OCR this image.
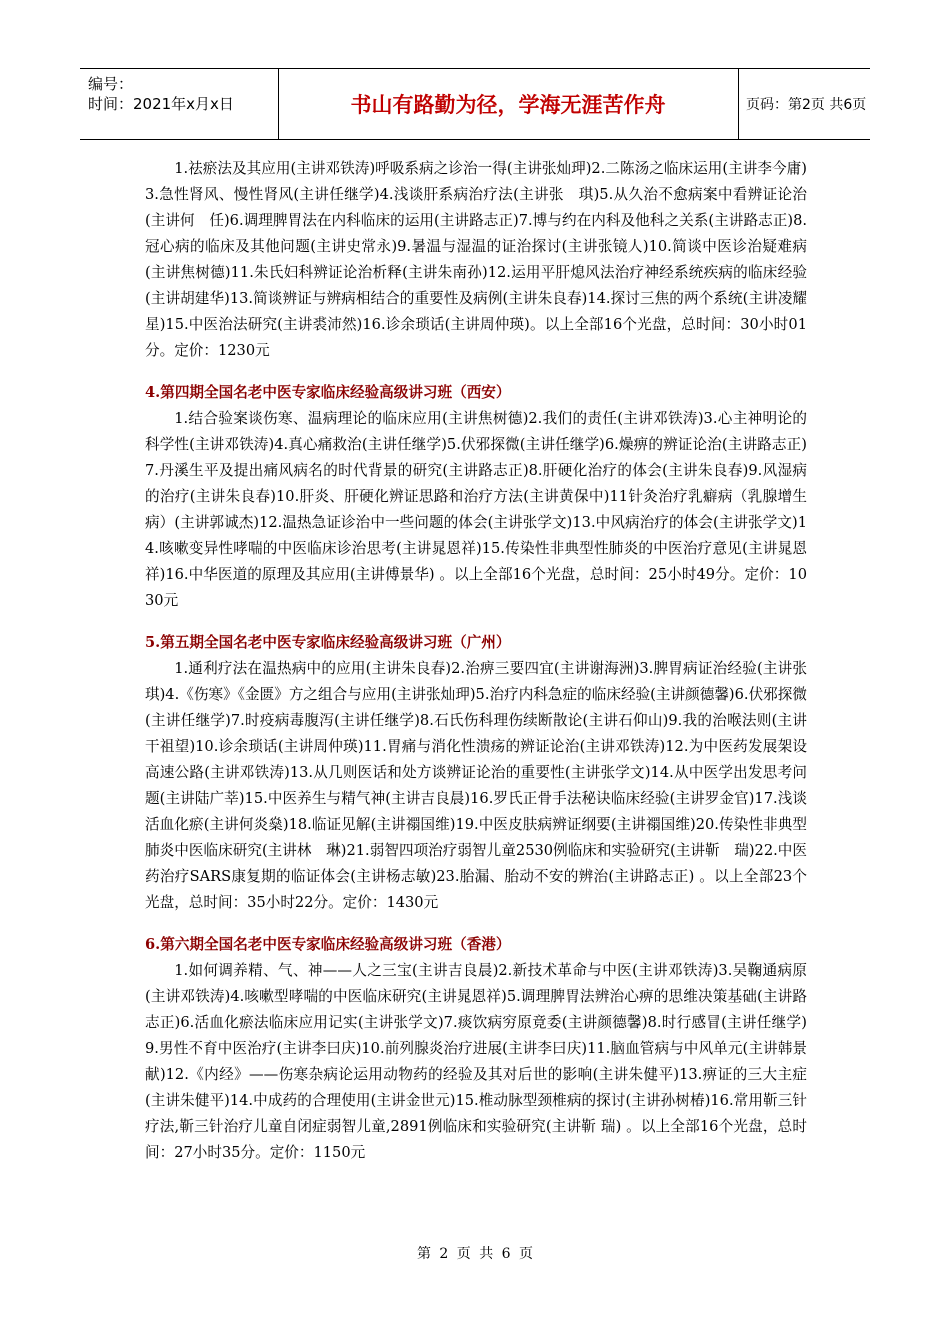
编号：
时间：2021年x月x日	书山有路勤为径，学海无涯苦作舟	页码：第2页 共6页

1.祛瘀法及其应用(主讲邓铁涛)呼吸系病之诊治一得(主讲张灿玾)2.二陈汤之临床运用(主讲李今庸)3.急性肾风、慢性肾风(主讲任继学)4.浅谈肝系病治疗法(主讲张　琪)5.从久治不愈病案中看辨证论治(主讲何　任)6.调理脾胃法在内科临床的运用(主讲路志正)7.博与约在内科及他科之关系(主讲路志正)8.冠心病的临床及其他问题(主讲史常永)9.暑温与湿温的证治探讨(主讲张镜人)10.简谈中医诊治疑难病(主讲焦树德)11.朱氏妇科辨证论治析释(主讲朱南孙)12.运用平肝熄风法治疗神经系统疾病的临床经验(主讲胡建华)13.简谈辨证与辨病相结合的重要性及病例(主讲朱良春)14.探讨三焦的两个系统(主讲凌耀星)15.中医治法研究(主讲裘沛然)16.诊余琐话(主讲周仲瑛)。以上全部16个光盘，总时间：30小时01分。定价：1230元

4.第四期全国名老中医专家临床经验高级讲习班（西安）

1.结合验案谈伤寒、温病理论的临床应用(主讲焦树德)2.我们的责任(主讲邓铁涛)3.心主神明论的科学性(主讲邓铁涛)4.真心痛救治(主讲任继学)5.伏邪探微(主讲任继学)6.燥痹的辨证论治(主讲路志正)7.丹溪生平及提出痛风病名的时代背景的研究(主讲路志正)8.肝硬化治疗的体会(主讲朱良春)9.风湿病的治疗(主讲朱良春)10.肝炎、肝硬化辨证思路和治疗方法(主讲黄保中)11针灸治疗乳癖病（乳腺增生病）(主讲郭诚杰)12.温热急证诊治中一些问题的体会(主讲张学文)13.中风病治疗的体会(主讲张学文)14.咳嗽变异性哮喘的中医临床诊治思考(主讲晁恩祥)15.传染性非典型性肺炎的中医治疗意见(主讲晁恩祥)16.中华医道的原理及其应用(主讲傅景华) 。以上全部16个光盘，总时间：25小时49分。定价：1030元

5.第五期全国名老中医专家临床经验高级讲习班（广州）

1.通利疗法在温热病中的应用(主讲朱良春)2.治痹三要四宜(主讲谢海洲)3.脾胃病证治经验(主讲张　琪)4.《伤寒》《金匮》方之组合与应用(主讲张灿玾)5.治疗内科急症的临床经验(主讲颜德馨)6.伏邪探微(主讲任继学)7.时疫病毒腹泻(主讲任继学)8.石氏伤科理伤续断散论(主讲石仰山)9.我的治喉法则(主讲干祖望)10.诊余琐话(主讲周仲瑛)11.胃痛与消化性溃疡的辨证论治(主讲邓铁涛)12.为中医药发展架设高速公路(主讲邓铁涛)13.从几则医话和处方谈辨证论治的重要性(主讲张学文)14.从中医学出发思考问题(主讲陆广莘)15.中医养生与精气神(主讲吉良晨)16.罗氏正骨手法秘诀临床经验(主讲罗金官)17.浅谈活血化瘀(主讲何炎燊)18.临证见解(主讲禤国维)19.中医皮肤病辨证纲要(主讲禤国维)20.传染性非典型肺炎中医临床研究(主讲林　琳)21.弱智四项治疗弱智儿童2530例临床和实验研究(主讲靳　瑞)22.中医药治疗SARS康复期的临证体会(主讲杨志敏)23.胎漏、胎动不安的辨治(主讲路志正) 。以上全部23个光盘，总时间：35小时22分。定价：1430元

6.第六期全国名老中医专家临床经验高级讲习班（香港）

1.如何调养精、气、神——人之三宝(主讲吉良晨)2.新技术革命与中医(主讲邓铁涛)3.吴鞠通病原(主讲邓铁涛)4.咳嗽型哮喘的中医临床研究(主讲晁恩祥)5.调理脾胃法辨治心痹的思维决策基础(主讲路志正)6.活血化瘀法临床应用记实(主讲张学文)7.痰饮病穷原竟委(主讲颜德馨)8.时行感冒(主讲任继学)9.男性不育中医治疗(主讲李曰庆)10.前列腺炎治疗进展(主讲李曰庆)11.脑血管病与中风单元(主讲韩景献)12.《内经》——伤寒杂病论运用动物药的经验及其对后世的影响(主讲朱健平)13.痹证的三大主症(主讲朱健平)14.中成药的合理使用(主讲金世元)15.椎动脉型颈椎病的探讨(主讲孙树椿)16.常用靳三针疗法,靳三针治疗儿童自闭症弱智儿童,2891例临床和实验研究(主讲靳 瑞) 。以上全部16个光盘，总时间：27小时35分。定价：1150元

第 2 页 共 6 页
